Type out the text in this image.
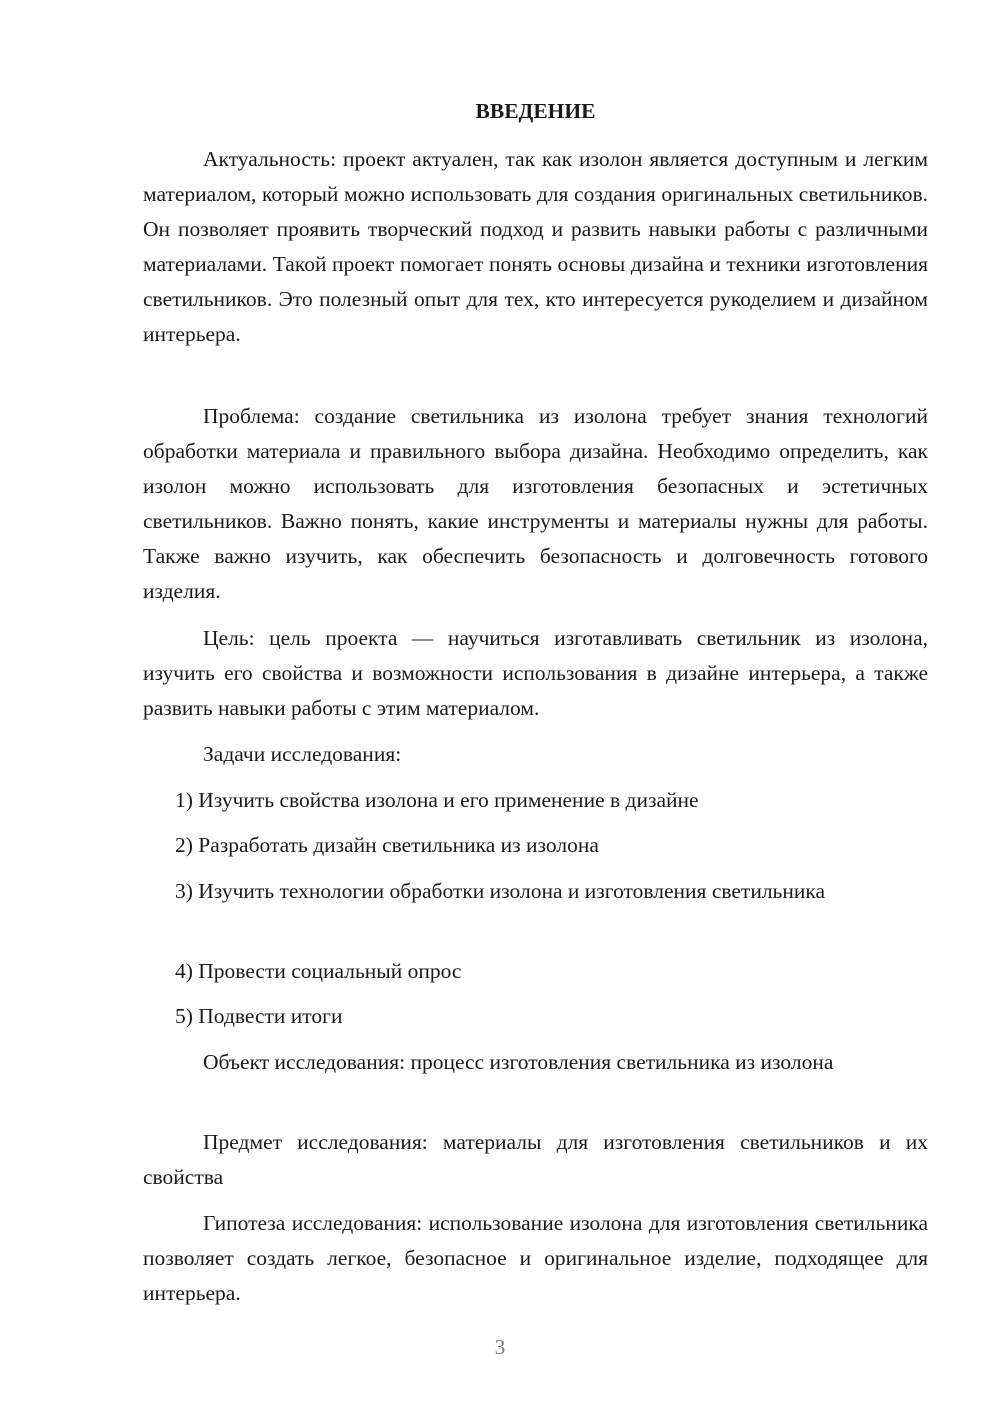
ВВЕДЕНИЕ

Актуальность: проект актуален, так как изолон является доступным и легким материалом, который можно использовать для создания оригинальных светильников. Он позволяет проявить творческий подход и развить навыки работы с различными материалами. Такой проект помогает понять основы дизайна и техники изготовления светильников. Это полезный опыт для тех, кто интересуется рукоделием и дизайном интерьера.

Проблема: создание светильника из изолона требует знания технологий обработки материала и правильного выбора дизайна. Необходимо определить, как изолон можно использовать для изготовления безопасных и эстетичных светильников. Важно понять, какие инструменты и материалы нужны для работы. Также важно изучить, как обеспечить безопасность и долговечность готового изделия.

Цель: цель проекта — научиться изготавливать светильник из изолона, изучить его свойства и возможности использования в дизайне интерьера, а также развить навыки работы с этим материалом.

Задачи исследования:

1) Изучить свойства изолона и его применение в дизайне

2) Разработать дизайн светильника из изолона

3) Изучить технологии обработки изолона и изготовления светильника

4) Провести социальный опрос

5) Подвести итоги

Объект исследования: процесс изготовления светильника из изолона

Предмет исследования: материалы для изготовления светильников и их свойства

Гипотеза исследования: использование изолона для изготовления светильника позволяет создать легкое, безопасное и оригинальное изделие, подходящее для интерьера.

3
